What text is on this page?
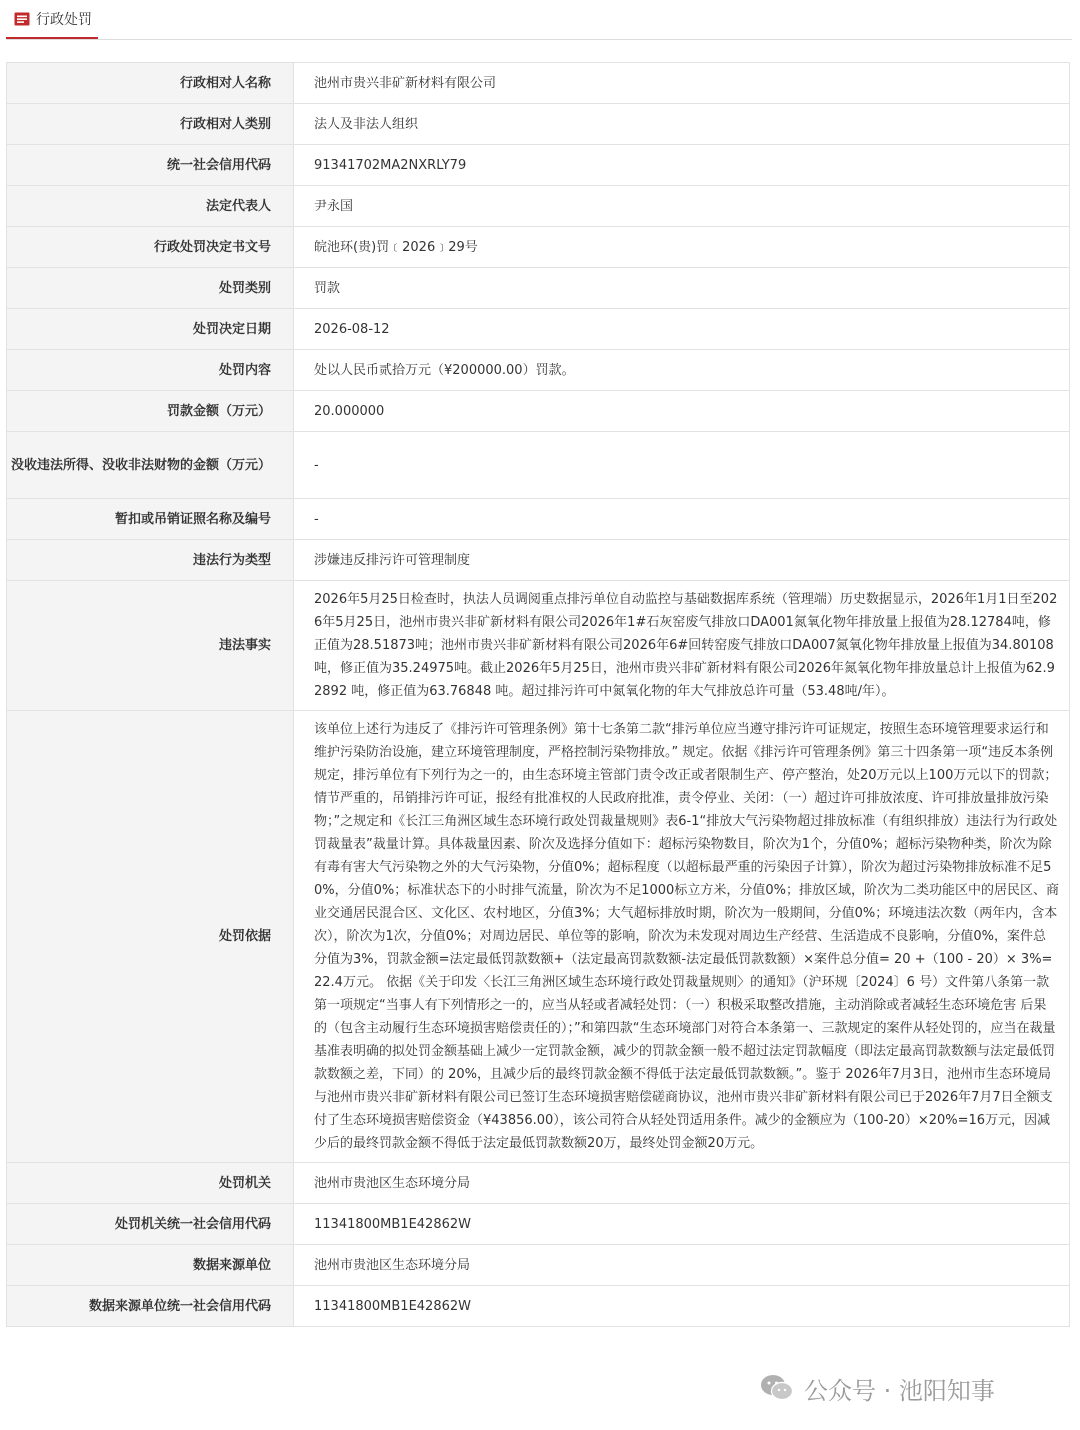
行政处罚
行政相对人名称	池州市贵兴非矿新材料有限公司
行政相对人类别	法人及非法人组织
统一社会信用代码	91341702MA2NXRLY79
法定代表人	尹永国
行政处罚决定书文号	皖池环(贵)罚﹝2026﹞29号
处罚类别	罚款
处罚决定日期	2026-08-12
处罚内容	处以人民币贰拾万元（¥200000.00）罚款。
罚款金额（万元）	20.000000
没收违法所得、没收非法财物的金额（万元）	-
暂扣或吊销证照名称及编号	-
违法行为类型	涉嫌违反排污许可管理制度
违法事实	2026年5月25日检查时，执法人员调阅重点排污单位自动监控与基础数据库系统（管理端）历史数据显示，2026年1月1日至2026年5月25日，池州市贵兴非矿新材料有限公司2026年1#石灰窑废气排放口DA001氮氧化物年排放量上报值为28.12784吨，修正值为28.51873吨；池州市贵兴非矿新材料有限公司2026年6#回转窑废气排放口DA007氮氧化物年排放量上报值为34.80108吨，修正值为35.24975吨。截止2026年5月25日，池州市贵兴非矿新材料有限公司2026年氮氧化物年排放量总计上报值为62.92892 吨，修正值为63.76848 吨。超过排污许可中氮氧化物的年大气排放总许可量（53.48吨/年）。
处罚依据	该单位上述行为违反了《排污许可管理条例》第十七条第二款“排污单位应当遵守排污许可证规定，按照生态环境管理要求运行和维护污染防治设施，建立环境管理制度，严格控制污染物排放。” 规定。依据《排污许可管理条例》第三十四条第一项“违反本条例规定，排污单位有下列行为之一的，由生态环境主管部门责令改正或者限制生产、停产整治，处20万元以上100万元以下的罚款；情节严重的，吊销排污许可证，报经有批准权的人民政府批准，责令停业、关闭：（一）超过许可排放浓度、许可排放量排放污染物；”之规定和《长江三角洲区域生态环境行政处罚裁量规则》表6-1“排放大气污染物超过排放标准（有组织排放）违法行为行政处罚裁量表”裁量计算。具体裁量因素、阶次及选择分值如下：超标污染物数目，阶次为1个，分值0%；超标污染物种类，阶次为除有毒有害大气污染物之外的大气污染物，分值0%；超标程度（以超标最严重的污染因子计算），阶次为超过污染物排放标准不足50%，分值0%；标准状态下的小时排气流量，阶次为不足1000标立方米，分值0%；排放区域，阶次为二类功能区中的居民区、商业交通居民混合区、文化区、农村地区，分值3%；大气超标排放时期，阶次为一般期间，分值0%；环境违法次数（两年内，含本次），阶次为1次，分值0%；对周边居民、单位等的影响，阶次为未发现对周边生产经营、生活造成不良影响，分值0%，案件总分值为3%，罚款金额=法定最低罚款数额+（法定最高罚款数额-法定最低罚款数额）×案件总分值= 20 +（100 - 20）× 3%=22.4万元。 依据《关于印发〈长江三角洲区域生态环境行政处罚裁量规则〉的通知》（沪环规〔2024〕6 号）文件第八条第一款第一项规定“当事人有下列情形之一的，应当从轻或者减轻处罚：（一）积极采取整改措施，主动消除或者减轻生态环境危害 后果的（包含主动履行生态环境损害赔偿责任的）；”和第四款“生态环境部门对符合本条第一、三款规定的案件从轻处罚的，应当在裁量基准表明确的拟处罚金额基础上减少一定罚款金额，减少的罚款金额一般不超过法定罚款幅度（即法定最高罚款数额与法定最低罚款数额之差，下同）的 20%，且减少后的最终罚款金额不得低于法定最低罚款数额。”。鉴于 2026年7月3日，池州市生态环境局与池州市贵兴非矿新材料有限公司已签订生态环境损害赔偿磋商协议，池州市贵兴非矿新材料有限公司已于2026年7月7日全额支付了生态环境损害赔偿资金（¥43856.00），该公司符合从轻处罚适用条件。减少的金额应为（100-20）×20%=16万元，因减少后的最终罚款金额不得低于法定最低罚款数额20万，最终处罚金额20万元。
处罚机关	池州市贵池区生态环境分局
处罚机关统一社会信用代码	11341800MB1E42862W
数据来源单位	池州市贵池区生态环境分局
数据来源单位统一社会信用代码	11341800MB1E42862W
公众号 · 池阳知事
